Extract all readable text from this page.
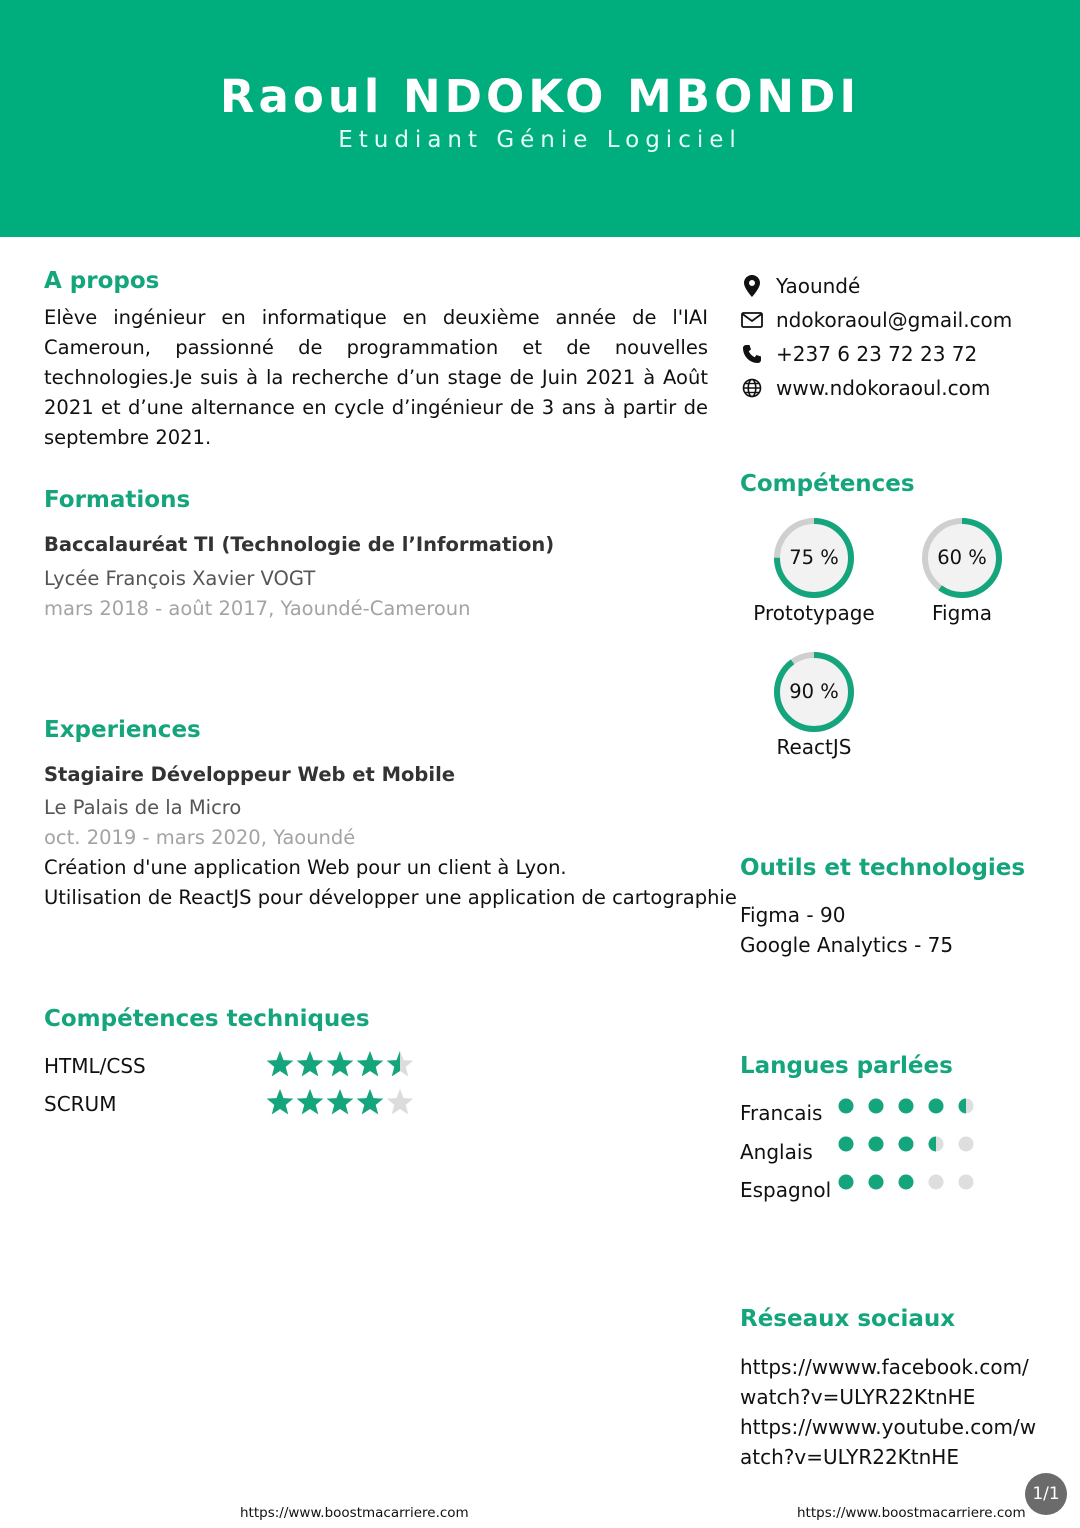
Raoul NDOKO MBONDI
Etudiant Génie Logiciel
A propos
Elève ingénieur en informatique en deuxième année de l'IAI Cameroun, passionné de programmation et de nouvelles technologies.Je suis à la recherche d’un stage de Juin 2021 à Août 2021 et d’une alternance en cycle d’ingénieur de 3 ans à partir de septembre 2021.
Yaoundé
ndokoraoul@gmail.com
+237 6 23 72 23 72
www.ndokoraoul.com
Formations
Baccalauréat TI (Technologie de l’Information)
Lycée François Xavier VOGT
mars 2018 - août 2017, Yaoundé-Cameroun
Experiences
Stagiaire Développeur Web et Mobile
Le Palais de la Micro
oct. 2019 - mars 2020, Yaoundé
Création d'une application Web pour un client à Lyon.
Utilisation de ReactJS pour développer une application de cartographie
Compétences
75 %
Prototypage
60 %
Figma
90 %
ReactJS
Outils et technologies
Figma - 90
Google Analytics - 75
Compétences techniques
HTML/CSS
SCRUM
Langues parlées
Francais
Anglais
Espagnol
Réseaux sociaux
https://wwww.facebook.com/watch?v=ULYR22KtnHE
https://wwww.youtube.com/watch?v=ULYR22KtnHE
https://www.boostmacarriere.com	https://www.boostmacarriere.com
1/1
